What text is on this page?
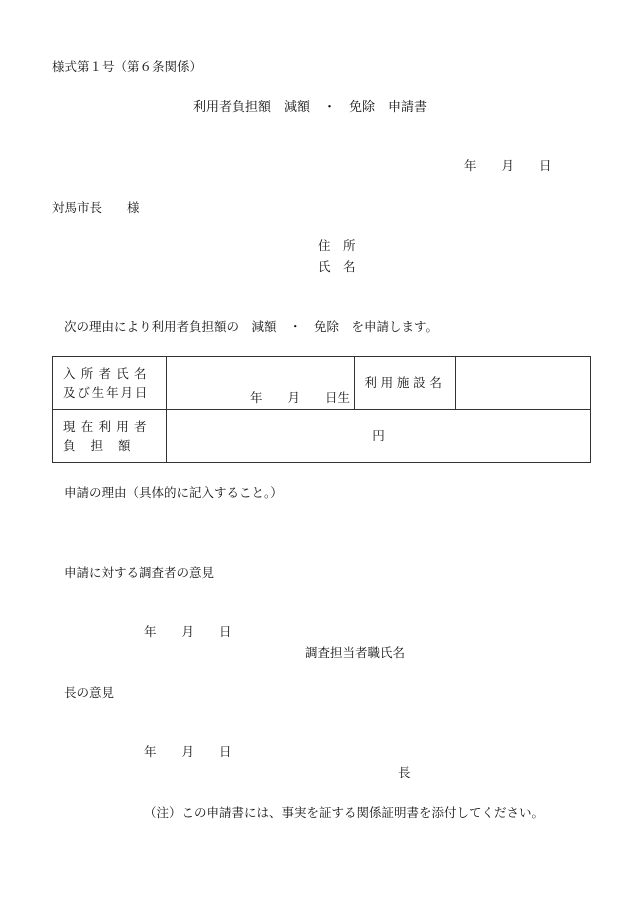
様式第１号（第６条関係）
利用者負担額　減額　・　免除　申請書
年　　月　　日
対馬市長　　様
住　所
氏　名
次の理由により利用者負担額の　減額　・　免除　を申請します。
入所者氏名
及び生年月日	年　　月　　日生	利用施設名	

現在利用者
負担額	円		
申請の理由（具体的に記入すること。）
申請に対する調査者の意見
年　　月　　日
調査担当者職氏名
長の意見
年　　月　　日
長
（注）この申請書には、事実を証する関係証明書を添付してください。
